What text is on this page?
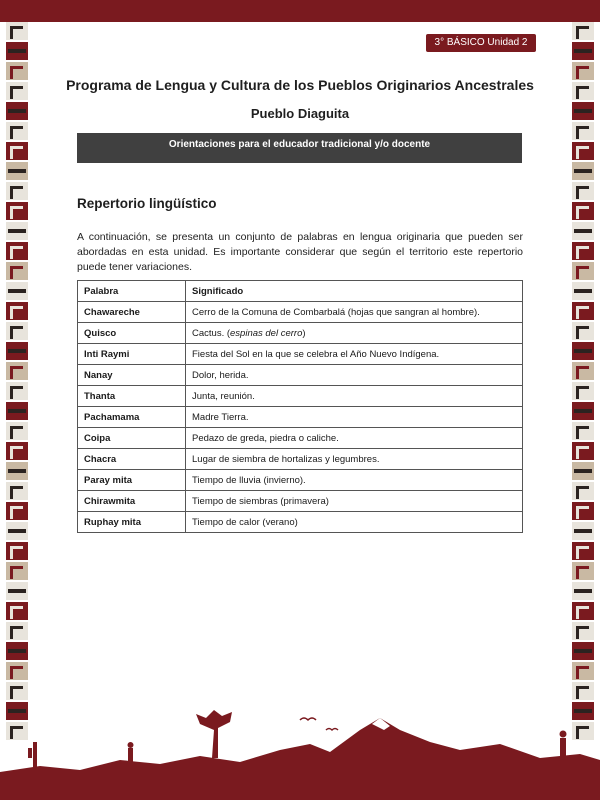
3° BÁSICO Unidad 2
Programa de Lengua y Cultura de los Pueblos Originarios Ancestrales
Pueblo Diaguita
Orientaciones para el educador tradicional y/o docente
Repertorio lingüístico
A continuación, se presenta un conjunto de palabras en lengua originaria que pueden ser abordadas en esta unidad. Es importante considerar que según el territorio este repertorio puede tener variaciones.
Palabra	Significado
Chawareche	Cerro de la Comuna de Combarbalá (hojas que sangran al hombre).
Quisco	Cactus. (espinas del cerro)
Inti Raymi	Fiesta del Sol en la que se celebra el Año Nuevo Indígena.
Nanay	Dolor, herida.
Thanta	Junta, reunión.
Pachamama	Madre Tierra.
Coipa	Pedazo de greda, piedra o caliche.
Chacra	Lugar de siembra de hortalizas y legumbres.
Paray mita	Tiempo de lluvia (invierno).
Chirawmita	Tiempo de siembras (primavera)
Ruphay mita	Tiempo de calor (verano)
